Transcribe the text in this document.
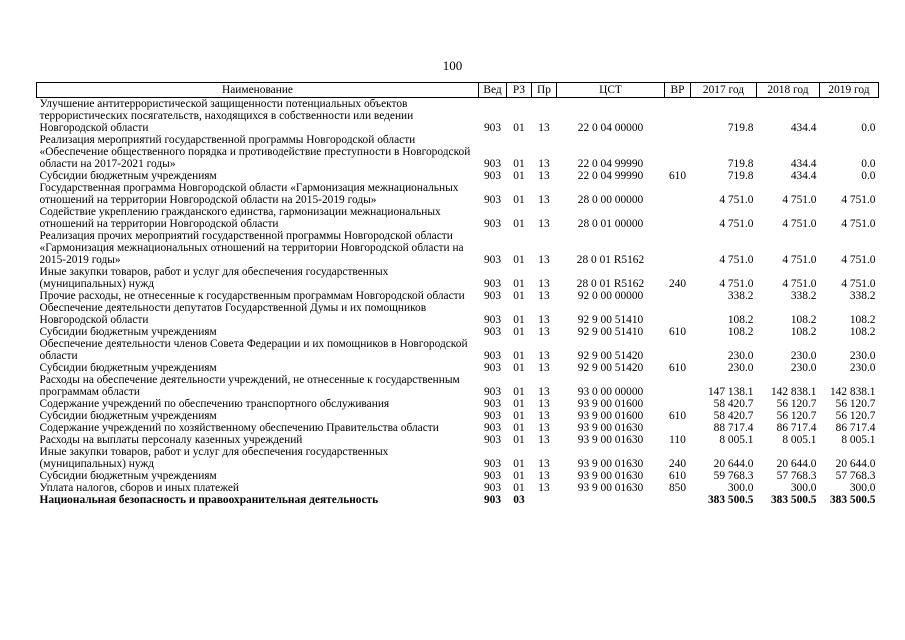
100
Наименование	Вед	РЗ	Пр	ЦСТ	ВР	2017 год	2018 год	2019 год
Улучшение антитеррористической защищенности потенциальных объектов террористических посягательств, находящихся в собственности или ведении Новгородской области	903	01	13	22 0 04 00000		719.8	434.4	0.0
Реализация мероприятий государственной программы Новгородской области «Обеспечение общественного порядка и противодействие преступности в Новгородской области на 2017-2021 годы»	903	01	13	22 0 04 99990		719.8	434.4	0.0
Субсидии бюджетным учреждениям	903	01	13	22 0 04 99990	610	719.8	434.4	0.0
Государственная программа Новгородской области «Гармонизация межнациональных отношений на территории Новгородской области на 2015-2019 годы»	903	01	13	28 0 00 00000		4 751.0	4 751.0	4 751.0
Содействие укреплению гражданского единства, гармонизации межнациональных отношений на территории Новгородской области	903	01	13	28 0 01 00000		4 751.0	4 751.0	4 751.0
Реализация прочих мероприятий государственной программы Новгородской области «Гармонизация межнациональных отношений на территории Новгородской области на 2015-2019 годы»	903	01	13	28 0 01 R5162		4 751.0	4 751.0	4 751.0
Иные закупки товаров, работ и услуг для обеспечения государственных (муниципальных) нужд	903	01	13	28 0 01 R5162	240	4 751.0	4 751.0	4 751.0
Прочие расходы, не отнесенные к государственным программам Новгородской области	903	01	13	92 0 00 00000		338.2	338.2	338.2
Обеспечение деятельности депутатов Государственной Думы и их помощников Новгородской области	903	01	13	92 9 00 51410		108.2	108.2	108.2
Субсидии бюджетным учреждениям	903	01	13	92 9 00 51410	610	108.2	108.2	108.2
Обеспечение деятельности членов Совета Федерации и их помощников в Новгородской области	903	01	13	92 9 00 51420		230.0	230.0	230.0
Субсидии бюджетным учреждениям	903	01	13	92 9 00 51420	610	230.0	230.0	230.0
Расходы на обеспечение деятельности учреждений, не отнесенные к государственным программам области	903	01	13	93 0 00 00000		147 138.1	142 838.1	142 838.1
Содержание учреждений по обеспечению транспортного обслуживания	903	01	13	93 9 00 01600		58 420.7	56 120.7	56 120.7
Субсидии бюджетным учреждениям	903	01	13	93 9 00 01600	610	58 420.7	56 120.7	56 120.7
Содержание учреждений по хозяйственному обеспечению Правительства области	903	01	13	93 9 00 01630		88 717.4	86 717.4	86 717.4
Расходы на выплаты персоналу казенных учреждений	903	01	13	93 9 00 01630	110	8 005.1	8 005.1	8 005.1
Иные закупки товаров, работ и услуг для обеспечения государственных (муниципальных) нужд	903	01	13	93 9 00 01630	240	20 644.0	20 644.0	20 644.0
Субсидии бюджетным учреждениям	903	01	13	93 9 00 01630	610	59 768.3	57 768.3	57 768.3
Уплата налогов, сборов и иных платежей	903	01	13	93 9 00 01630	850	300.0	300.0	300.0
Национальная безопасность и правоохранительная деятельность	903	03				383 500.5	383 500.5	383 500.5
